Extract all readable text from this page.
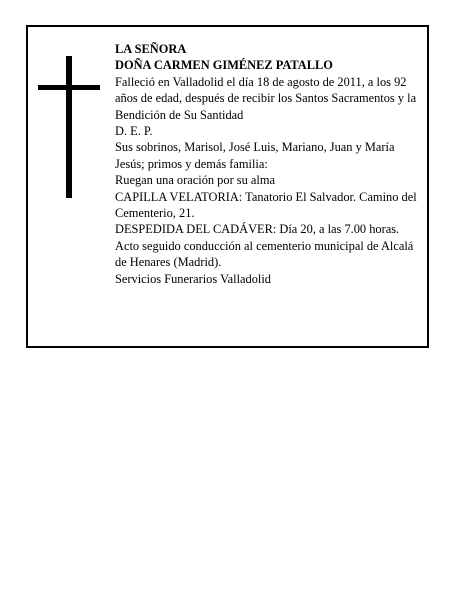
LA SEÑORA
DOÑA CARMEN GIMÉNEZ PATALLO
Falleció en Valladolid el día 18 de agosto de 2011, a los 92 años de edad, después de recibir los Santos Sacramentos y la Bendición de Su Santidad
D. E. P.
Sus sobrinos, Marisol, José Luis, Mariano, Juan y María Jesús; primos y demás familia:
Ruegan una oración por su alma
CAPILLA VELATORIA: Tanatorio El Salvador. Camino del Cementerio, 21.
DESPEDIDA DEL CADÁVER: Día 20, a las 7.00 horas. Acto seguido conducción al cementerio municipal de Alcalá de Henares (Madrid).
Servicios Funerarios Valladolid
